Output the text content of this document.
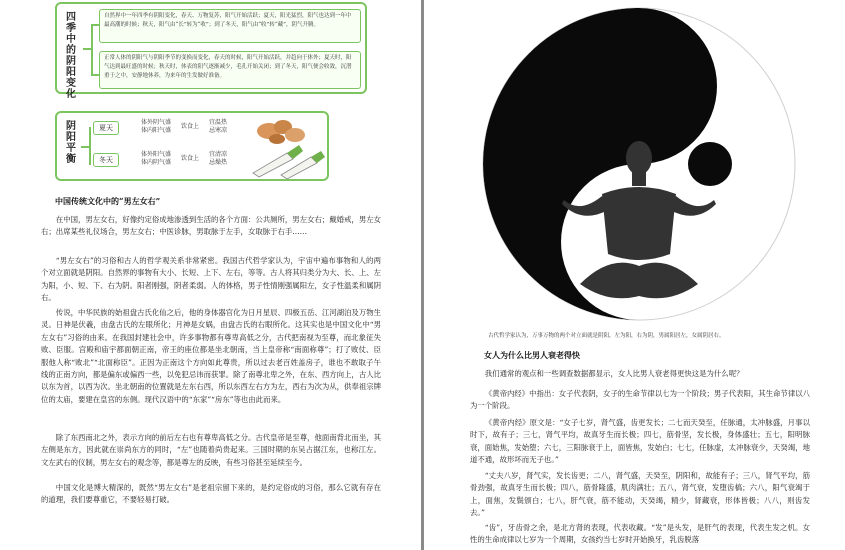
四季中的阴阳变化
自然界中一年四季有阴阳变化，春天、万物复苏，阳气开始活跃；夏天，阳光猛烈，阳气也达到一年中最高潮的时候；秋天，阳气由“长”转为“收”；到了冬天，阳气由“收”转“藏”，阴气升腾。
正常人体的阴阳气与阴阳季节的变换而变化，春天的时候，阳气开始活跃，并趋向于体外；夏天时，阳气达到最旺盛的时候；秋天时，体表的阳气逐渐减少，毛孔开始关闭；到了冬天，阳气便会收敛，沉潜重于之中，安静地休养，为来年的生发做好准备。
阴阳平衡
夏天
体外阴气盛
体内阳气盛
饮食上
宜温热
忌寒凉
冬天
体外阳气盛
体内阴气盛
饮食上
宜清凉
忌燥热
中国传统文化中的“男左女右”

在中国，男左女右，好像约定俗成地渗透到生活的各个方面：公共厕所，男左女右；戴婚戒，男左女右；出席某些礼仪场合，男左女右；中医诊脉，男取脉于左手，女取脉于右手……

“男左女右”的习俗和古人的哲学观关系非常紧密。我国古代哲学家认为，宇宙中遍布事物和人的两个对立面就是阴阳。自然界的事物有大小、长短、上下、左右，等等。古人将其归类分为大、长、上、左为阳，小、短、下、右为阴。阳者刚强，阴者柔弱。人的体格，男子性情刚强属阳左，女子性温柔和属阴右。

传说，中华民族的始祖盘古氏化仙之后，他的身体器官化为日月星辰、四极五岳、江河湖泊及万物生灵。日神是伏羲，由盘古氏的左眼所化；月神是女娲，由盘古氏的右眼所化。这其实也是中国文化中“男左女右”习俗的由来。在我国封建社会中，许多事物都有尊卑高低之分，古代把南视为至尊，而北象征失败、臣服。宫殿和庙宇都面朝正南，帝王的座位都是坐北朝南，当上皇帝称“南面称尊”；打了败仗、臣服他人称“败北”“北面称臣”。正因为正南这个方向如此尊贵，所以过去老百姓盖房子，谁也不敢取子午线的正南方向，都是偏东或偏西一些，以免犯忌讳而获罪。除了南尊北卑之外，在东、西方向上，古人比以东为首，以西为次。坐北朝南的位置就是左东右西，所以东西左右方为左，西右为次为从，供奉祖宗牌位的太庙，要建在皇宫的东侧。现代汉语中的“东家”“房东”等也由此而来。

除了东西南北之外，表示方向的前后左右也有尊卑高低之分。古代皇帝是至尊，他面南背北而坐，其左侧是东方，因此就在崇尚东方的同时，“左”也随着尚贵起来。三国时期的东吴占据江东，也称江左。文左武右的仪制，男左女右的观念等，都是尊左的反映，有些习俗甚至延续至今。

中国文化是博大精深的，既然“男左女右”是老祖宗留下来的，是约定俗成的习俗，那么它就有存在的道理，我们要尊重它，不要轻易打破。

古代哲学家认为，万事万物的两个对立面就是阴阳，左为阳，右为阴，男属阳居左，女属阴居右。
女人为什么比男人衰老得快

我们通常的观点和一些调查数据都显示，女人比男人衰老得更快这是为什么呢？

《黄帝内经》中指出：女子代表阴，女子的生命节律以七为一个阶段；男子代表阳，其生命节律以八为一个阶段。

《黄帝内经》原文是：“女子七岁，肾气盛，齿更发长；二七而天癸至，任脉通，太冲脉盛，月事以时下，故有子；三七，肾气平均，故真牙生而长极；四七，筋骨坚，发长极，身体盛壮；五七，阳明脉衰，面始焦，发始堕；六七，三阳脉衰于上，面皆焦，发始白；七七，任脉虚，太冲脉衰少，天癸竭，地道不通，故形坏而无子也。”

“丈夫八岁，肾气实，发长齿更；二八，肾气盛，天癸至，阴阳和，故能有子；三八，肾气平均，筋骨劲强，故真牙生而长极；四八，筋骨隆盛，肌肉满壮；五八，肾气衰，发堕齿槁；六八，阳气衰竭于上，面焦，发鬓颁白；七八，肝气衰，筋不能动，天癸竭，精少，肾藏衰，形体皆极；八八，则齿发去。”

“齿”，牙齿骨之余，是北方肾的表现，代表收藏。“发”是头发，是肝气的表现，代表生发之机。女性的生命成律以七岁为一个周期，女孩约当七岁时开始换牙，乳齿脱落
